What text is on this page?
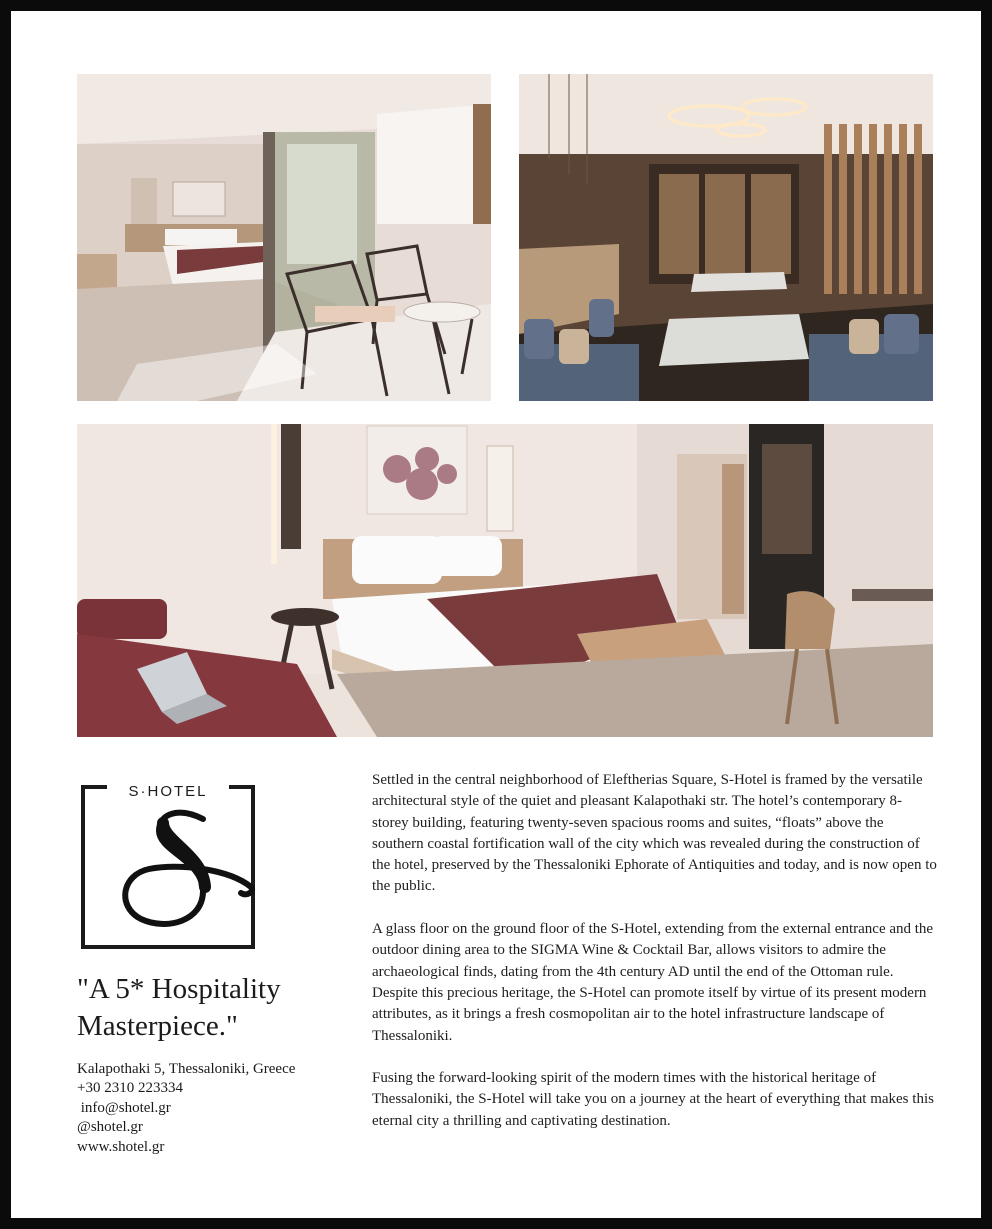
S·HOTEL
"A 5* Hospitality Masterpiece."
Kalapothaki 5, Thessaloniki, Greece
+30 2310 223334
info@shotel.gr
@shotel.gr
www.shotel.gr

Settled in the central neighborhood of Eleftherias Square, S-Hotel is framed by the versatile architectural style of the quiet and pleasant Kalapothaki str. The hotel’s contemporary 8-storey building, featuring twenty-seven spacious rooms and suites, “floats” above the southern coastal fortification wall of the city which was revealed during the construction of the hotel, preserved by the Thessaloniki Ephorate of Antiquities and today, and is now open to the public.

A glass floor on the ground floor of the S-Hotel, extending from the external entrance and the outdoor dining area to the SIGMA Wine & Cocktail Bar, allows visitors to admire the archaeological finds, dating from the 4th century AD until the end of the Ottoman rule. Despite this precious heritage, the S-Hotel can promote itself by virtue of its present modern attributes, as it brings a fresh cosmopolitan air to the hotel infrastructure landscape of Thessaloniki.

Fusing the forward-looking spirit of the modern times with the historical heritage of Thessaloniki, the S-Hotel will take you on a journey at the heart of everything that makes this eternal city a thrilling and captivating destination.
